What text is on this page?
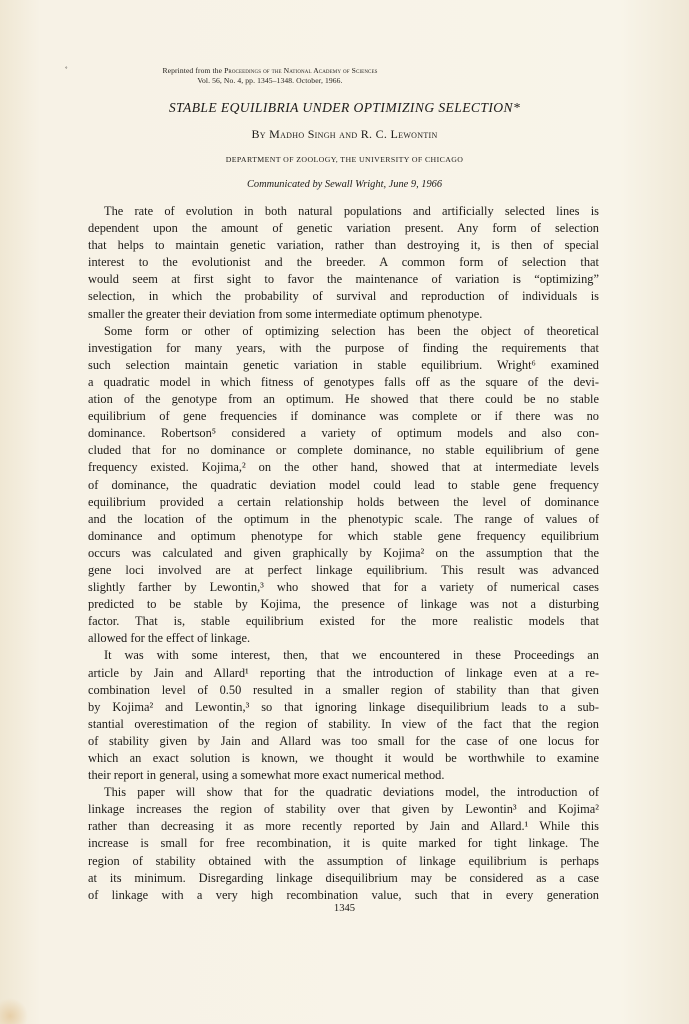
˚	Reprinted from the Proceedings of the National Academy of Sciences
Vol. 56, No. 4, pp. 1345–1348. October, 1966.
STABLE EQUILIBRIA UNDER OPTIMIZING SELECTION*
By Madho Singh and R. C. Lewontin
DEPARTMENT OF ZOOLOGY, THE UNIVERSITY OF CHICAGO
Communicated by Sewall Wright, June 9, 1966
The rate of evolution in both natural populations and artificially selected lines is
dependent upon the amount of genetic variation present. Any form of selection
that helps to maintain genetic variation, rather than destroying it, is then of special
interest to the evolutionist and the breeder. A common form of selection that
would seem at first sight to favor the maintenance of variation is “optimizing”
selection, in which the probability of survival and reproduction of individuals is
smaller the greater their deviation from some intermediate optimum phenotype.
Some form or other of optimizing selection has been the object of theoretical
investigation for many years, with the purpose of finding the requirements that
such selection maintain genetic variation in stable equilibrium. Wright⁶ examined
a quadratic model in which fitness of genotypes falls off as the square of the devi-
ation of the genotype from an optimum. He showed that there could be no stable
equilibrium of gene frequencies if dominance was complete or if there was no
dominance. Robertson⁵ considered a variety of optimum models and also con-
cluded that for no dominance or complete dominance, no stable equilibrium of gene
frequency existed. Kojima,² on the other hand, showed that at intermediate levels
of dominance, the quadratic deviation model could lead to stable gene frequency
equilibrium provided a certain relationship holds between the level of dominance
and the location of the optimum in the phenotypic scale. The range of values of
dominance and optimum phenotype for which stable gene frequency equilibrium
occurs was calculated and given graphically by Kojima² on the assumption that the
gene loci involved are at perfect linkage equilibrium. This result was advanced
slightly farther by Lewontin,³ who showed that for a variety of numerical cases
predicted to be stable by Kojima, the presence of linkage was not a disturbing
factor. That is, stable equilibrium existed for the more realistic models that
allowed for the effect of linkage.
It was with some interest, then, that we encountered in these Proceedings an
article by Jain and Allard¹ reporting that the introduction of linkage even at a re-
combination level of 0.50 resulted in a smaller region of stability than that given
by Kojima² and Lewontin,³ so that ignoring linkage disequilibrium leads to a sub-
stantial overestimation of the region of stability. In view of the fact that the region
of stability given by Jain and Allard was too small for the case of one locus for
which an exact solution is known, we thought it would be worthwhile to examine
their report in general, using a somewhat more exact numerical method.
This paper will show that for the quadratic deviations model, the introduction of
linkage increases the region of stability over that given by Lewontin³ and Kojima²
rather than decreasing it as more recently reported by Jain and Allard.¹ While this
increase is small for free recombination, it is quite marked for tight linkage. The
region of stability obtained with the assumption of linkage equilibrium is perhaps
at its minimum. Disregarding linkage disequilibrium may be considered as a case
of linkage with a very high recombination value, such that in every generation
1345
